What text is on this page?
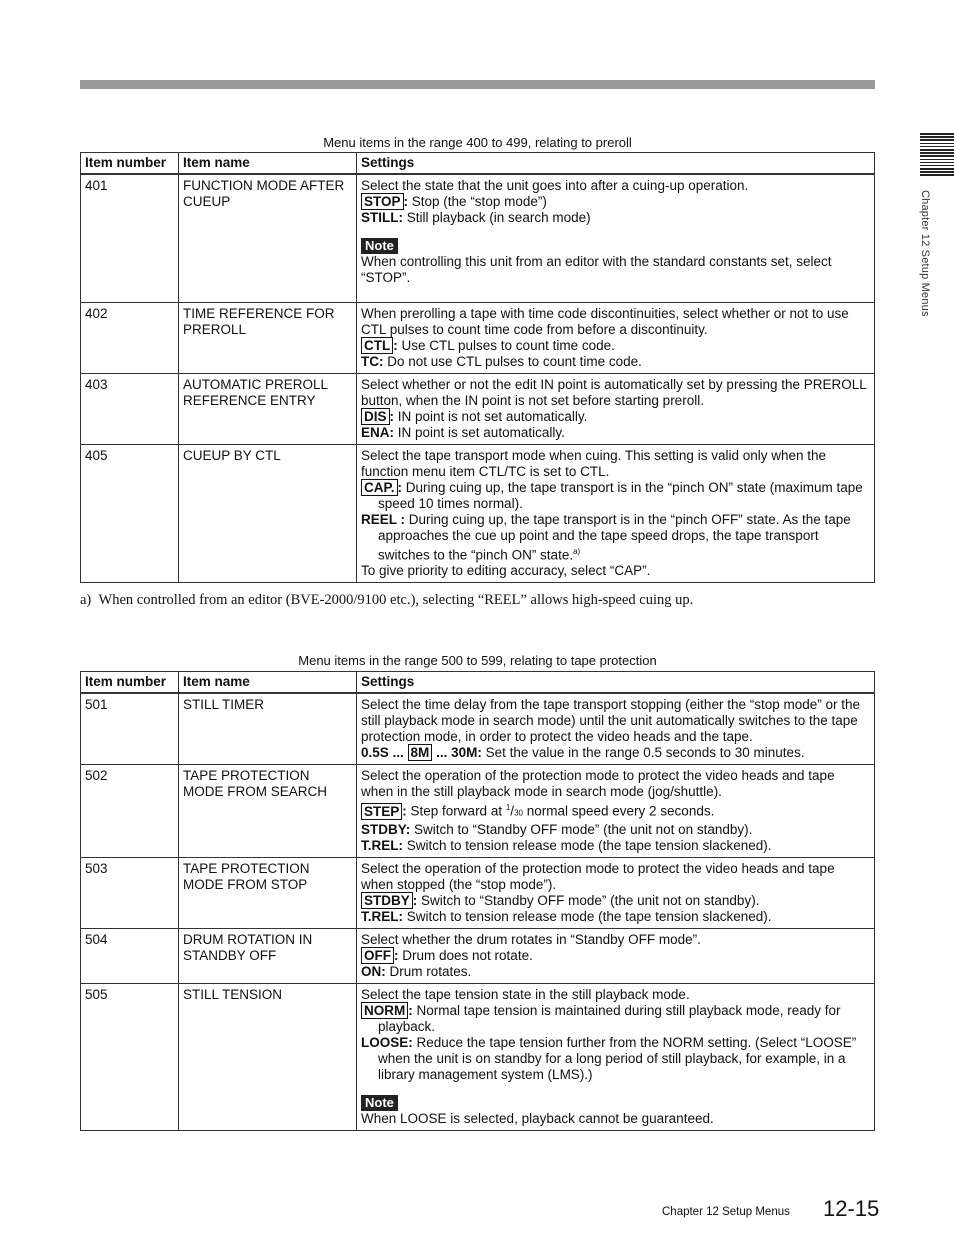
Chapter 12 Setup Menus
Menu items in the range 400 to 499, relating to preroll
Item number	Item name	Settings
401	FUNCTION MODE AFTER CUEUP	Select the state that the unit goes into after a cuing-up operation.
STOP : Stop (the “stop mode”)
STILL: Still playback (in search mode)
Note
When controlling this unit from an editor with the standard constants set, select “STOP”.

402	TIME REFERENCE FOR PREROLL	When prerolling a tape with time code discontinuities, select whether or not to use CTL pulses to count time code from before a discontinuity.
CTL : Use CTL pulses to count time code.
TC: Do not use CTL pulses to count time code.

403	AUTOMATIC PREROLL REFERENCE ENTRY	Select whether or not the edit IN point is automatically set by pressing the PREROLL button, when the IN point is not set before starting preroll.
DIS : IN point is not set automatically.
ENA: IN point is set automatically.

405	CUEUP BY CTL	Select the tape transport mode when cuing. This setting is valid only when the function menu item CTL/TC is set to CTL.
CAP. : During cuing up, the tape transport is in the “pinch ON” state (maximum tape speed 10 times normal).
REEL : During cuing up, the tape transport is in the “pinch OFF” state. As the tape approaches the cue up point and the tape speed drops, the tape transport switches to the “pinch ON” state.$^{a)}$
To give priority to editing accuracy, select “CAP”.
a) When controlled from an editor (BVE-2000/9100 etc.), selecting “REEL” allows high-speed cuing up.
Menu items in the range 500 to 599, relating to tape protection
Item number	Item name	Settings
501	STILL TIMER	Select the time delay from the tape transport stopping (either the “stop mode” or the still playback mode in search mode) until the unit automatically switches to the tape protection mode, in order to protect the video heads and the tape.
0.5S ... 8M ... 30M: Set the value in the range 0.5 seconds to 30 minutes.

502	TAPE PROTECTION MODE FROM SEARCH	Select the operation of the protection mode to protect the video heads and tape when in the still playback mode in search mode (jog/shuttle).
STEP : Step forward at $^1$/30 normal speed every 2 seconds.
STDBY: Switch to “Standby OFF mode” (the unit not on standby).
T.REL: Switch to tension release mode (the tape tension slackened).

503	TAPE PROTECTION MODE FROM STOP	Select the operation of the protection mode to protect the video heads and tape when stopped (the “stop mode”).
STDBY : Switch to “Standby OFF mode” (the unit not on standby).
T.REL: Switch to tension release mode (the tape tension slackened).

504	DRUM ROTATION IN STANDBY OFF	Select whether the drum rotates in “Standby OFF mode”.
OFF : Drum does not rotate.
ON: Drum rotates.

505	STILL TENSION	Select the tape tension state in the still playback mode.
NORM : Normal tape tension is maintained during still playback mode, ready for playback.
LOOSE: Reduce the tape tension further from the NORM setting. (Select “LOOSE” when the unit is on standby for a long period of still playback, for example, in a library management system (LMS).)
Note
When LOOSE is selected, playback cannot be guaranteed.
Chapter 12 Setup Menus 12-15
